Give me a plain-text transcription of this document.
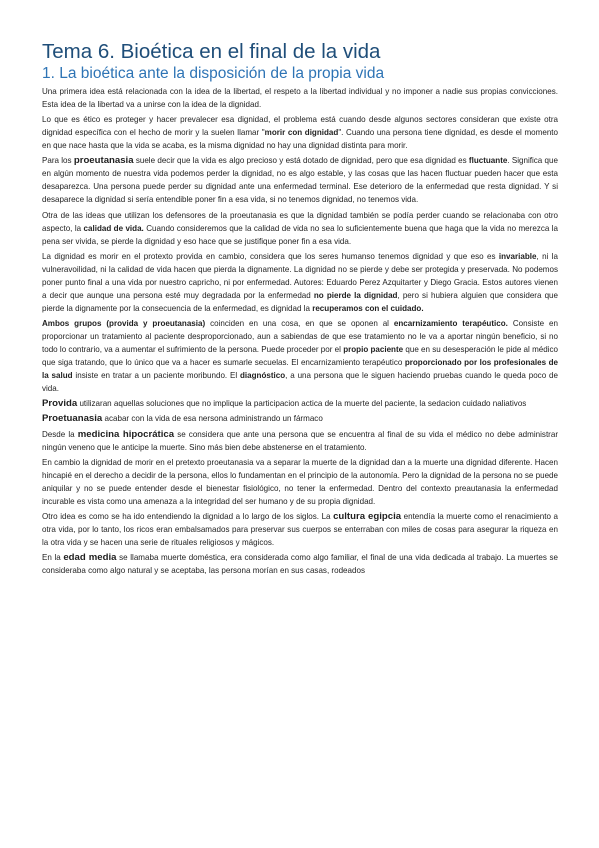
Tema 6. Bioética en el final de la vida
1. La bioética ante la disposición de la propia vida

Una primera idea está relacionada con la idea de la libertad, el respeto a la libertad individual y no imponer a nadie sus propias convicciones. Esta idea de la libertad va a unirse con la idea de la dignidad.

Lo que es ético es proteger y hacer prevalecer esa dignidad, el problema está cuando desde algunos sectores consideran que existe otra dignidad específica con el hecho de morir y la suelen llamar "morir con dignidad". Cuando una persona tiene dignidad, es desde el momento en que nace hasta que la vida se acaba, es la misma dignidad no hay una dignidad distinta para morir.

Para los proeutanasia suele decir que la vida es algo precioso y está dotado de dignidad, pero que esa dignidad es fluctuante. Significa que en algún momento de nuestra vida podemos perder la dignidad, no es algo estable, y las cosas que las hacen fluctuar pueden hacer que esta desaparezca. Una persona puede perder su dignidad ante una enfermedad terminal. Ese deterioro de la enfermedad que resta dignidad. Y si desaparece la dignidad si sería entendible poner fin a esa vida, si no tenemos dignidad, no tenemos vida.

Otra de las ideas que utilizan los defensores de la proeutanasia es que la dignidad también se podía perder cuando se relacionaba con otro aspecto, la calidad de vida. Cuando consideremos que la calidad de vida no sea lo suficientemente buena que haga que la vida no merezca la pena ser vivida, se pierde la dignidad y eso hace que se justifique poner fin a esa vida.

La dignidad es morir en el protexto provida en cambio, considera que los seres humanso tenemos dignidad y que eso es invariable, ni la vulneravoilidad, ni la calidad de vida hacen que pierda la dignamente. La dignidad no se pierde y debe ser protegida y preservada. No podemos poner punto final a una vida por nuestro capricho, ni por enfermedad. Autores: Eduardo Perez Azquitarter y Diego Gracia. Estos autores vienen a decir que aunque una persona esté muy degradada por la enfermedad no pierde la dignidad, pero si hubiera alguien que considera que pierde la dignamente por la consecuencia de la enfermedad, es dignidad la recuperamos con el cuidado.

Ambos grupos (provida y proeutanasia) coinciden en una cosa, en que se oponen al encarnizamiento terapéutico. Consiste en proporcionar un tratamiento al paciente desproporcionado, aun a sabiendas de que ese tratamiento no le va a aportar ningún beneficio, si no todo lo contrario, va a aumentar el sufrimiento de la persona. Puede proceder por el propio paciente que en su desesperación le pide al médico que siga tratando, que lo único que va a hacer es sumarle secuelas. El encarnizamiento terapéutico proporcionado por los profesionales de la salud insiste en tratar a un paciente moribundo. El diagnóstico, a una persona que le siguen haciendo pruebas cuando le queda poco de vida.

Provida utilizaran aquellas soluciones que no implique la participacion actica de la muerte del paciente, la sedacion cuidado naliativos

Proetuanasia acabar con la vida de esa nersona administrando un fármaco

Desde la medicina hipocrática se considera que ante una persona que se encuentra al final de su vida el médico no debe administrar ningún veneno que le anticipe la muerte. Sino más bien debe abstenerse en el tratamiento.

En cambio la dignidad de morir en el pretexto proeutanasia va a separar la muerte de la dignidad dan a la muerte una dignidad diferente. Hacen hincapié en el derecho a decidir de la persona, ellos lo fundamentan en el principio de la autonomía. Pero la dignidad de la persona no se puede aniquilar y no se puede entender desde el bienestar fisiológico, no tener la enfermedad. Dentro del contexto preautanasia la enfermedad incurable es vista como una amenaza a la integridad del ser humano y de su propia dignidad.

Otro idea es como se ha ido entendiendo la dignidad a lo largo de los siglos. La cultura egipcia entendía la muerte como el renacimiento a otra vida, por lo tanto, los ricos eran embalsamados para preservar sus cuerpos se enterraban con miles de cosas para asegurar la riqueza en la otra vida y se hacen una serie de rituales religiosos y mágicos.

En la edad media se llamaba muerte doméstica, era considerada como algo familiar, el final de una vida dedicada al trabajo. La muertes se consideraba como algo natural y se aceptaba, las persona morían en sus casas, rodeados
